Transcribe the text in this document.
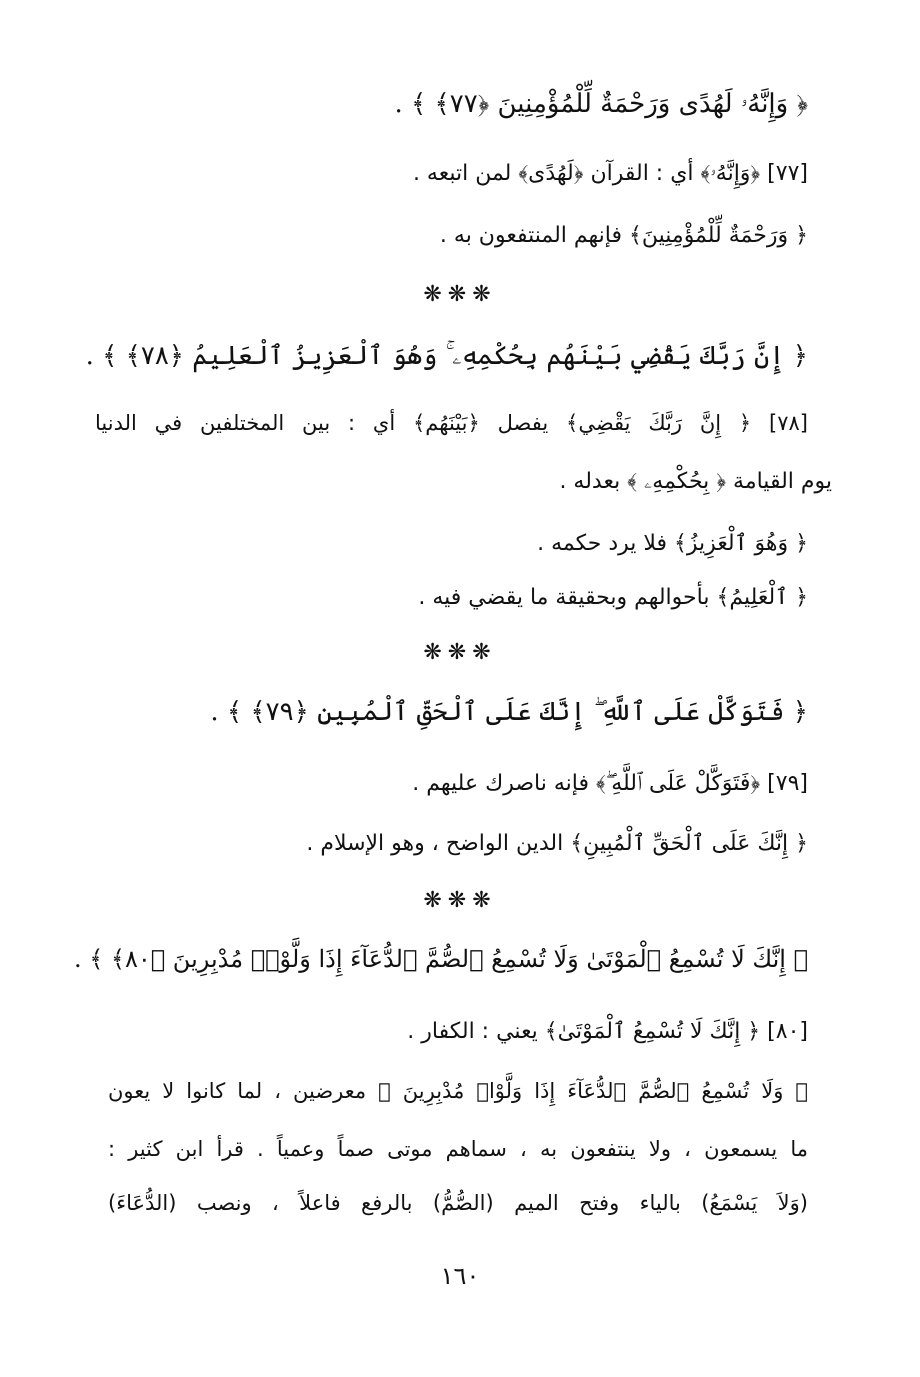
﴿ وَإِنَّهُۥ لَهُدًى وَرَحْمَةٌ لِّلْمُؤْمِنِينَ ﴿٧٧﴾ ﴾ .
[٧٧] ﴿وَإِنَّهُۥ﴾ أي : القرآن ﴿لَهُدًى﴾ لمن اتبعه .
﴿ وَرَحْمَةٌ لِّلْمُؤْمِنِينَ﴾ فإنهم المنتفعون به .
❋❋❋
﴿ إِنَّ رَبَّكَ يَقْضِي بَيْنَهُم بِحُكْمِهِۦ ۚ وَهُوَ ٱلْعَزِيزُ ٱلْعَلِيمُ ﴿٧٨﴾ ﴾ .
[٧٨] ﴿ إِنَّ رَبَّكَ يَقْضِي﴾ يفصل ﴿بَيْنَهُم﴾ أي : بين المختلفين في الدنيا
يوم القيامة ﴿ بِحُكْمِهِۦ ﴾ بعدله .
﴿ وَهُوَ ٱلْعَزِيزُ﴾ فلا يرد حكمه .
﴿ ٱلْعَلِيمُ﴾ بأحوالهم وبحقيقة ما يقضي فيه .
❋❋❋
﴿ فَتَوَكَّلْ عَلَى ٱللَّهِ ۖ إِنَّكَ عَلَى ٱلْحَقِّ ٱلْمُبِينِ ﴿٧٩﴾ ﴾ .
[٧٩] ﴿فَتَوَكَّلْ عَلَى ٱللَّهِ ۖ﴾ فإنه ناصرك عليهم .
﴿ إِنَّكَ عَلَى ٱلْحَقِّ ٱلْمُبِينِ﴾ الدين الواضح ، وهو الإسلام .
❋❋❋
﴿ إِنَّكَ لَا تُسْمِعُ ٱلْمَوْتَىٰ وَلَا تُسْمِعُ ٱلصُّمَّ ٱلدُّعَآءَ إِذَا وَلَّوْا۟ مُدْبِرِينَ ﴿٨٠﴾ ﴾ .
[٨٠] ﴿ إِنَّكَ لَا تُسْمِعُ ٱلْمَوْتَىٰ﴾ يعني : الكفار .
﴿ وَلَا تُسْمِعُ ٱلصُّمَّ ٱلدُّعَآءَ إِذَا وَلَّوْا۟ مُدْبِرِينَ ﴾ معرضين ، لما كانوا لا يعون
ما يسمعون ، ولا ينتفعون به ، سماهم موتى صماً وعمياً . قرأ ابن كثير :
(وَلاَ يَسْمَعُ) بالياء وفتح الميم (الصُّمُّ) بالرفع فاعلاً ، ونصب (الدُّعَاءَ)
١٦٠
